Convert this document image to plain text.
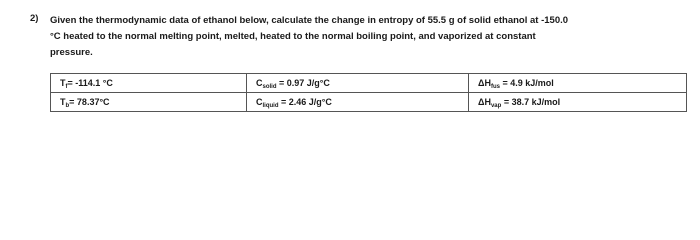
2) Given the thermodynamic data of ethanol below, calculate the change in entropy of 55.5 g of solid ethanol at -150.0
°C heated to the normal melting point, melted, heated to the normal boiling point, and vaporized at constant
pressure.
$T_f= -114.1$ °C	$C_{solid} = 0.97$ J/g°C	$\Delta H_{fus} = 4.9$ kJ/mol
$T_b= 78.37^\circ C$	$C_{liquid} = 2.46$ J/g°C	$\Delta H_{vap} = 38.7$ kJ/mol
